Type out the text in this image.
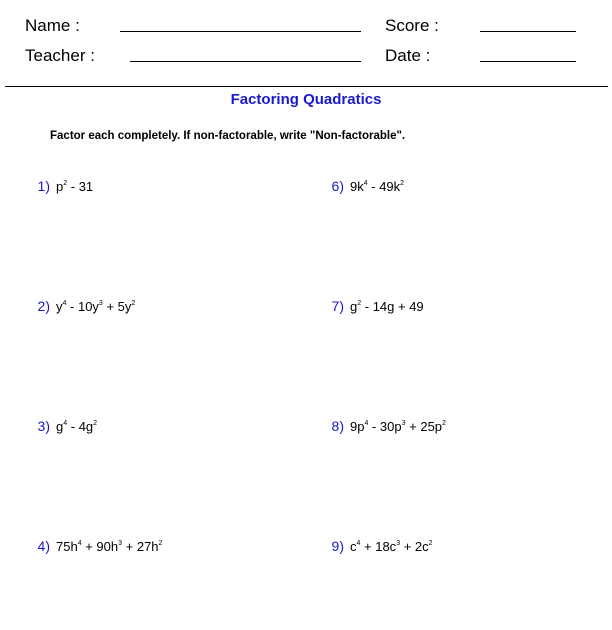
Name :	Score :
Teacher :	Date :
Factoring Quadratics
Factor each completely. If non-factorable, write "Non-factorable".
1) $p^2 - 31$
2) $y^4 - 10y^3 + 5y^2$
3) $g^4 - 4g^2$
4) $75h^4 + 90h^3 + 27h^2$
6) $9k^4 - 49k^2$
7) $g^2 - 14g + 49$
8) $9p^4 - 30p^3 + 25p^2$
9) $c^4 + 18c^3 + 2c^2$
